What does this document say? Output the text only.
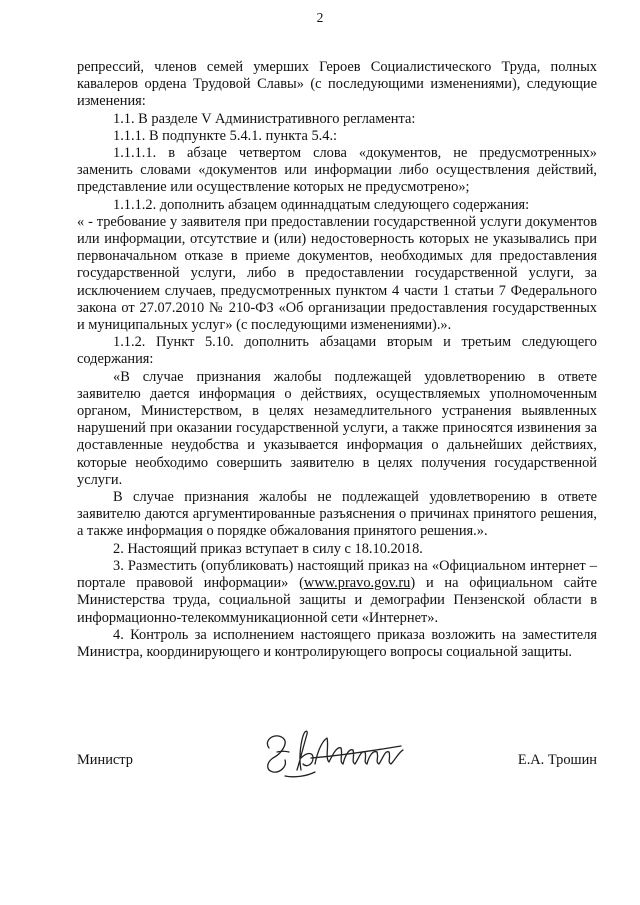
2

репрессий, членов семей умерших Героев Социалистического Труда, полных кавалеров ордена Трудовой Славы» (с последующими изменениями), следующие изменения:

1.1. В разделе V Административного регламента:

1.1.1. В подпункте 5.4.1. пункта 5.4.:

1.1.1.1. в абзаце четвертом слова «документов, не предусмотренных» заменить словами «документов или информации либо осуществления действий, представление или осуществление которых не предусмотрено»;

1.1.1.2. дополнить абзацем одиннадцатым следующего содержания:

« - требование у заявителя при предоставлении государственной услуги документов или информации, отсутствие и (или) недостоверность которых не указывались при первоначальном отказе в приеме документов, необходимых для предоставления государственной услуги, либо в предоставлении государственной услуги, за исключением случаев, предусмотренных пунктом 4 части 1 статьи 7 Федерального закона от 27.07.2010 № 210-ФЗ «Об организации предоставления государственных и муниципальных услуг» (с последующими изменениями).».

1.1.2. Пункт 5.10. дополнить абзацами вторым и третьим следующего содержания:

«В случае признания жалобы подлежащей удовлетворению в ответе заявителю дается информация о действиях, осуществляемых уполномоченным органом, Министерством, в целях незамедлительного устранения выявленных нарушений при оказании государственной услуги, а также приносятся извинения за доставленные неудобства и указывается информация о дальнейших действиях, которые необходимо совершить заявителю в целях получения государственной услуги.

В случае признания жалобы не подлежащей удовлетворению в ответе заявителю даются аргументированные разъяснения о причинах принятого решения, а также информация о порядке обжалования принятого решения.».

2. Настоящий приказ вступает в силу с 18.10.2018.

3. Разместить (опубликовать) настоящий приказ на «Официальном интернет – портале правовой информации» (www.pravo.gov.ru) и на официальном сайте Министерства труда, социальной защиты и демографии Пензенской области в информационно-телекоммуникационной сети «Интернет».

4. Контроль за исполнением настоящего приказа возложить на заместителя Министра, координирующего и контролирующего вопросы социальной защиты.

Министр	Е.А. Трошин
